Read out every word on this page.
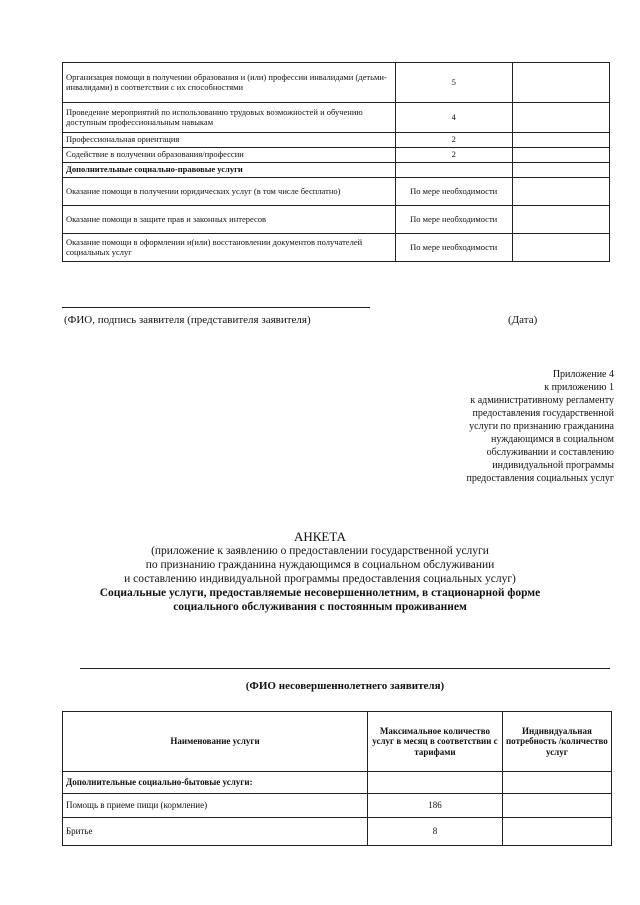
Организация помощи в получении образования и (или) профессии инвалидами (детьми-инвалидами) в соответствии с их способностями	5	
Проведение мероприятий по использованию трудовых возможностей и обучению доступным профессиональным навыкам	4	
Профессиональная ориентация	2	
Содействие в получении образования/профессии	2	
Дополнительные социально-правовые услуги		
Оказание помощи в получении юридических услуг (в том числе бесплатно)	По мере необходимости	
Оказание помощи в защите прав и законных интересов	По мере необходимости	
Оказание помощи в оформлении и(или) восстановлении документов получателей социальных услуг	По мере необходимости	
(ФИО, подпись заявителя (представителя заявителя)	(Дата)
Приложение 4
к приложению 1
к административному регламенту
предоставления государственной
услуги по признанию гражданина
нуждающимся в социальном
обслуживании и составлению
индивидуальной программы
предоставления социальных услуг
АНКЕТА
(приложение к заявлению о предоставлении государственной услуги
по признанию гражданина нуждающимся в социальном обслуживании
и составлению индивидуальной программы предоставления социальных услуг)
Социальные услуги, предоставляемые несовершеннолетним, в стационарной форме
социального обслуживания с постоянным проживанием
(ФИО несовершеннолетнего заявителя)
Наименование услуги	Максимальное количество услуг в месяц в соответствии с тарифами	Индивидуальная потребность /количество услуг
Дополнительные социально-бытовые услуги:		
Помощь в приеме пищи (кормление)	186	
Бритье	8	
